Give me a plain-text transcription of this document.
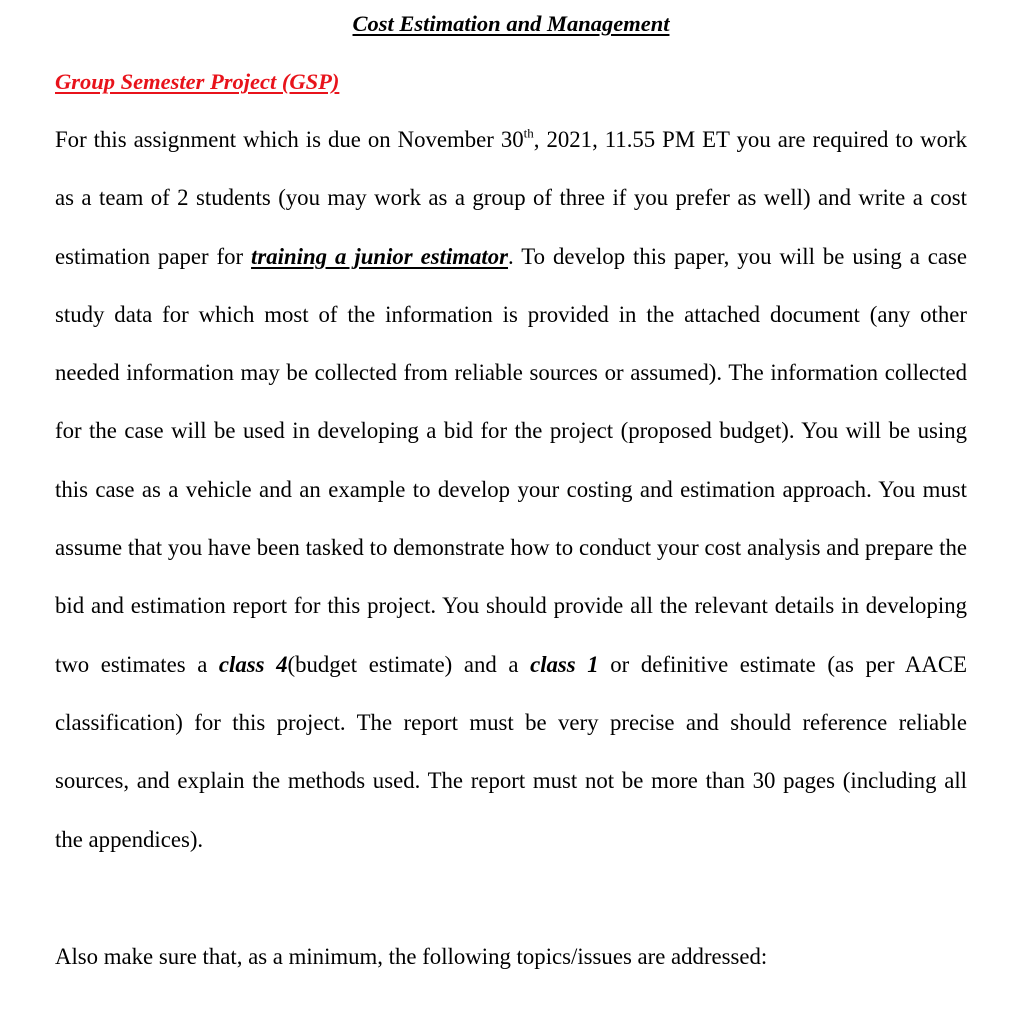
Cost Estimation and Management
Group Semester Project (GSP)

For this assignment which is due on November 30th, 2021, 11.55 PM ET you are required to work as a team of 2 students (you may work as a group of three if you prefer as well) and write a cost estimation paper for training a junior estimator. To develop this paper, you will be using a case study data for which most of the information is provided in the attached document (any other needed information may be collected from reliable sources or assumed). The information collected for the case will be used in developing a bid for the project (proposed budget). You will be using this case as a vehicle and an example to develop your costing and estimation approach. You must assume that you have been tasked to demonstrate how to conduct your cost analysis and prepare the bid and estimation report for this project. You should provide all the relevant details in developing two estimates a class 4(budget estimate) and a class 1 or definitive estimate (as per AACE classification) for this project. The report must be very precise and should reference reliable sources, and explain the methods used. The report must not be more than 30 pages (including all the appendices).

Also make sure that, as a minimum, the following topics/issues are addressed:
